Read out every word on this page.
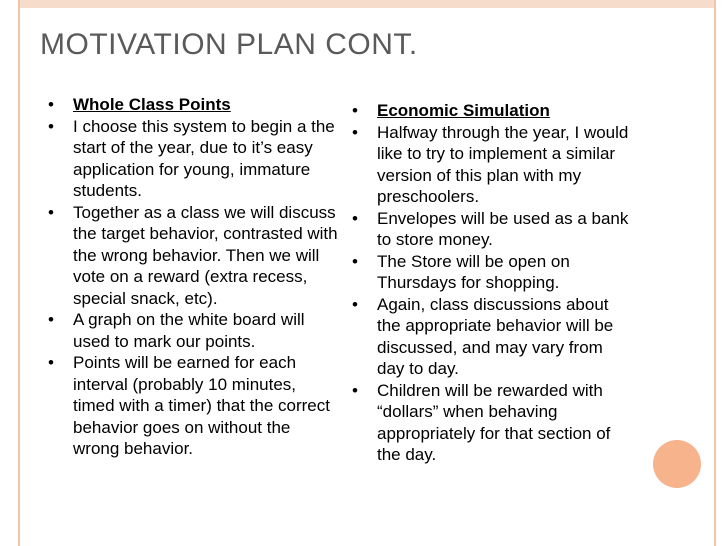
MOTIVATION PLAN CONT.
• Whole Class Points
• I choose this system to begin a the start of the year, due to it’s easy application for young, immature students.
• Together as a class we will discuss the target behavior, contrasted with the wrong behavior. Then we will vote on a reward (extra recess, special snack, etc).
• A graph on the white board will used to mark our points.
• Points will be earned for each interval (probably 10 minutes, timed with a timer) that the correct behavior goes on without the wrong behavior.
• Economic Simulation
• Halfway through the year, I would like to try to implement a similar version of this plan with my preschoolers.
• Envelopes will be used as a bank to store money.
• The Store will be open on Thursdays for shopping.
• Again, class discussions about the appropriate behavior will be discussed, and may vary from day to day.
• Children will be rewarded with “dollars” when behaving appropriately for that section of the day.
